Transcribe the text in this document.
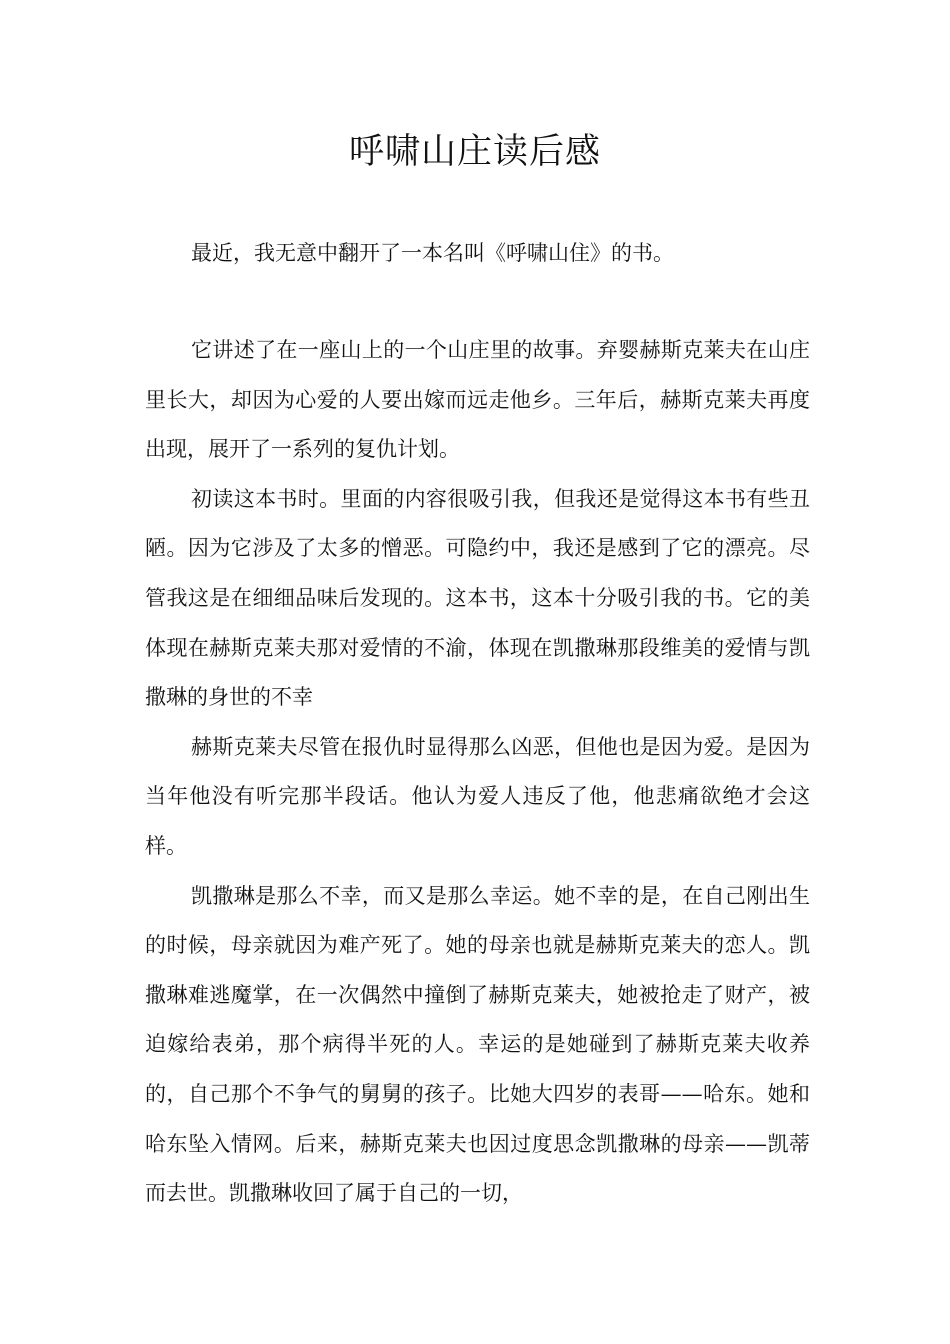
呼啸山庄读后感

最近，我无意中翻开了一本名叫《呼啸山住》的书。

它讲述了在一座山上的一个山庄里的故事。弃婴赫斯克莱夫在山庄里长大，却因为心爱的人要出嫁而远走他乡。三年后，赫斯克莱夫再度出现，展开了一系列的复仇计划。

初读这本书时。里面的内容很吸引我，但我还是觉得这本书有些丑陋。因为它涉及了太多的憎恶。可隐约中，我还是感到了它的漂亮。尽管我这是在细细品味后发现的。这本书，这本十分吸引我的书。它的美体现在赫斯克莱夫那对爱情的不渝，体现在凯撒琳那段维美的爱情与凯撒琳的身世的不幸

赫斯克莱夫尽管在报仇时显得那么凶恶，但他也是因为爱。是因为当年他没有听完那半段话。他认为爱人违反了他，他悲痛欲绝才会这样。

凯撒琳是那么不幸，而又是那么幸运。她不幸的是，在自己刚出生的时候，母亲就因为难产死了。她的母亲也就是赫斯克莱夫的恋人。凯撒琳难逃魔掌，在一次偶然中撞倒了赫斯克莱夫，她被抢走了财产，被迫嫁给表弟，那个病得半死的人。幸运的是她碰到了赫斯克莱夫收养的，自己那个不争气的舅舅的孩子。比她大四岁的表哥——哈东。她和哈东坠入情网。后来，赫斯克莱夫也因过度思念凯撒琳的母亲——凯蒂而去世。凯撒琳收回了属于自己的一切，
